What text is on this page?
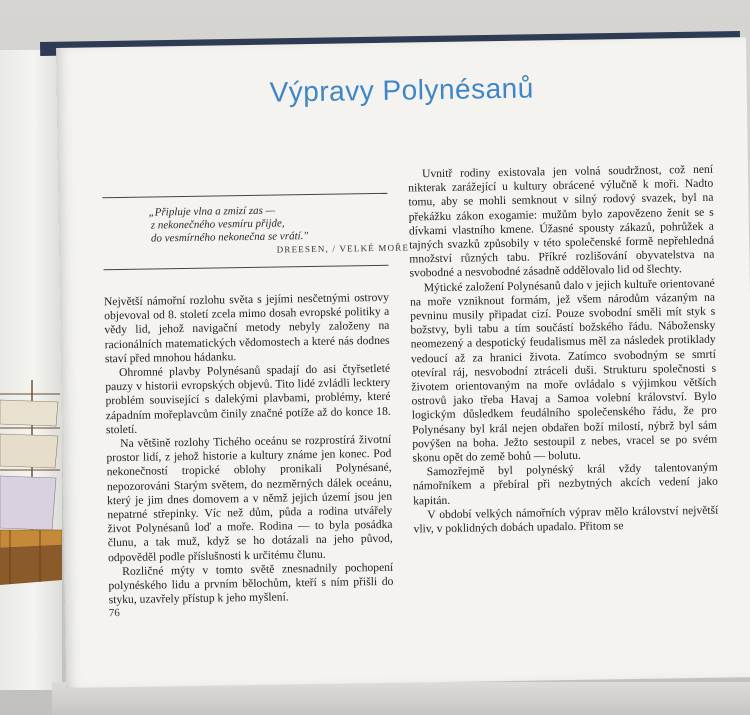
Výpravy Polynésanů
„Připluje vlna a zmizí zas —
z nekonečného vesmíru přijde,
do vesmírného nekonečna se vrátí."
DREESEN, / VELKÉ MOŘE

Největší námořní rozlohu světa s jejími nesčetnými ostrovy objevoval od 8. století zcela mimo dosah evropské politiky a vědy lid, jehož navigační metody nebyly založeny na racionálních matematických vědomostech a které nás dodnes staví před mnohou hádanku.

Ohromné plavby Polynésanů spadají do asi čtyřsetleté pauzy v historii evropských objevů. Tito lidé zvládli lecktery problém související s dalekými plavbami, problémy, které západním mořeplavcům činily značné potíže až do konce 18. století.

Na většině rozlohy Tichého oceánu se rozprostírá životní prostor lidí, z jehož historie a kultury známe jen konec. Pod nekonečností tropické oblohy pronikali Polynésané, nepozorováni Starým světem, do nezměrných dálek oceánu, který je jim dnes domovem a v němž jejich území jsou jen nepatrné střepinky. Víc než dům, půda a rodina utvářely život Polynésanů loď a moře. Rodina — to byla posádka člunu, a tak muž, když se ho dotázali na jeho původ, odpověděl podle příslušnosti k určitému člunu.

Rozličné mýty v tomto světě znesnadnily pochopení polynéského lidu a prvním bělochům, kteří s ním přišli do styku, uzavřely přístup k jeho myšlení.

Uvnitř rodiny existovala jen volná soudržnost, což není nikterak zarážející u kultury obrácené výlučně k moři. Nadto tomu, aby se mohli semknout v silný rodový svazek, byl na překážku zákon exogamie: mužům bylo zapovězeno ženit se s dívkami vlastního kmene. Úžasné spousty zákazů, pohrůžek a tajných svazků způsobily v této společenské formě nepřehledná množství různých tabu. Příkré rozlišování obyvatelstva na svobodné a nesvobodné zásadně oddělovalo lid od šlechty.

Mýtické založení Polynésanů dalo v jejich kultuře orientované na moře vzniknout formám, jež všem národům vázaným na pevninu musily připadat cizí. Pouze svobodní směli mít styk s božstvy, byli tabu a tím součástí božského řádu. Nábožensky neomezený a despotický feudalismus měl za následek protiklady vedoucí až za hranici života. Zatímco svobodným se smrtí otevíral ráj, nesvobodní ztráceli duši. Strukturu společnosti s životem orientovaným na moře ovládalo s výjimkou větších ostrovů jako třeba Havaj a Samoa volební království. Bylo logickým důsledkem feudálního společenského řádu, že pro Polynésany byl král nejen obdařen boží milostí, nýbrž byl sám povýšen na boha. Ježto sestoupil z nebes, vracel se po svém skonu opět do země bohů — bolutu.

Samozřejmě byl polynéský král vždy talentovaným námořníkem a přebíral při nezbytných akcích vedení jako kapitán.

V období velkých námořních výprav mělo království největší vliv, v poklidných dobách upadalo. Přitom se

76
